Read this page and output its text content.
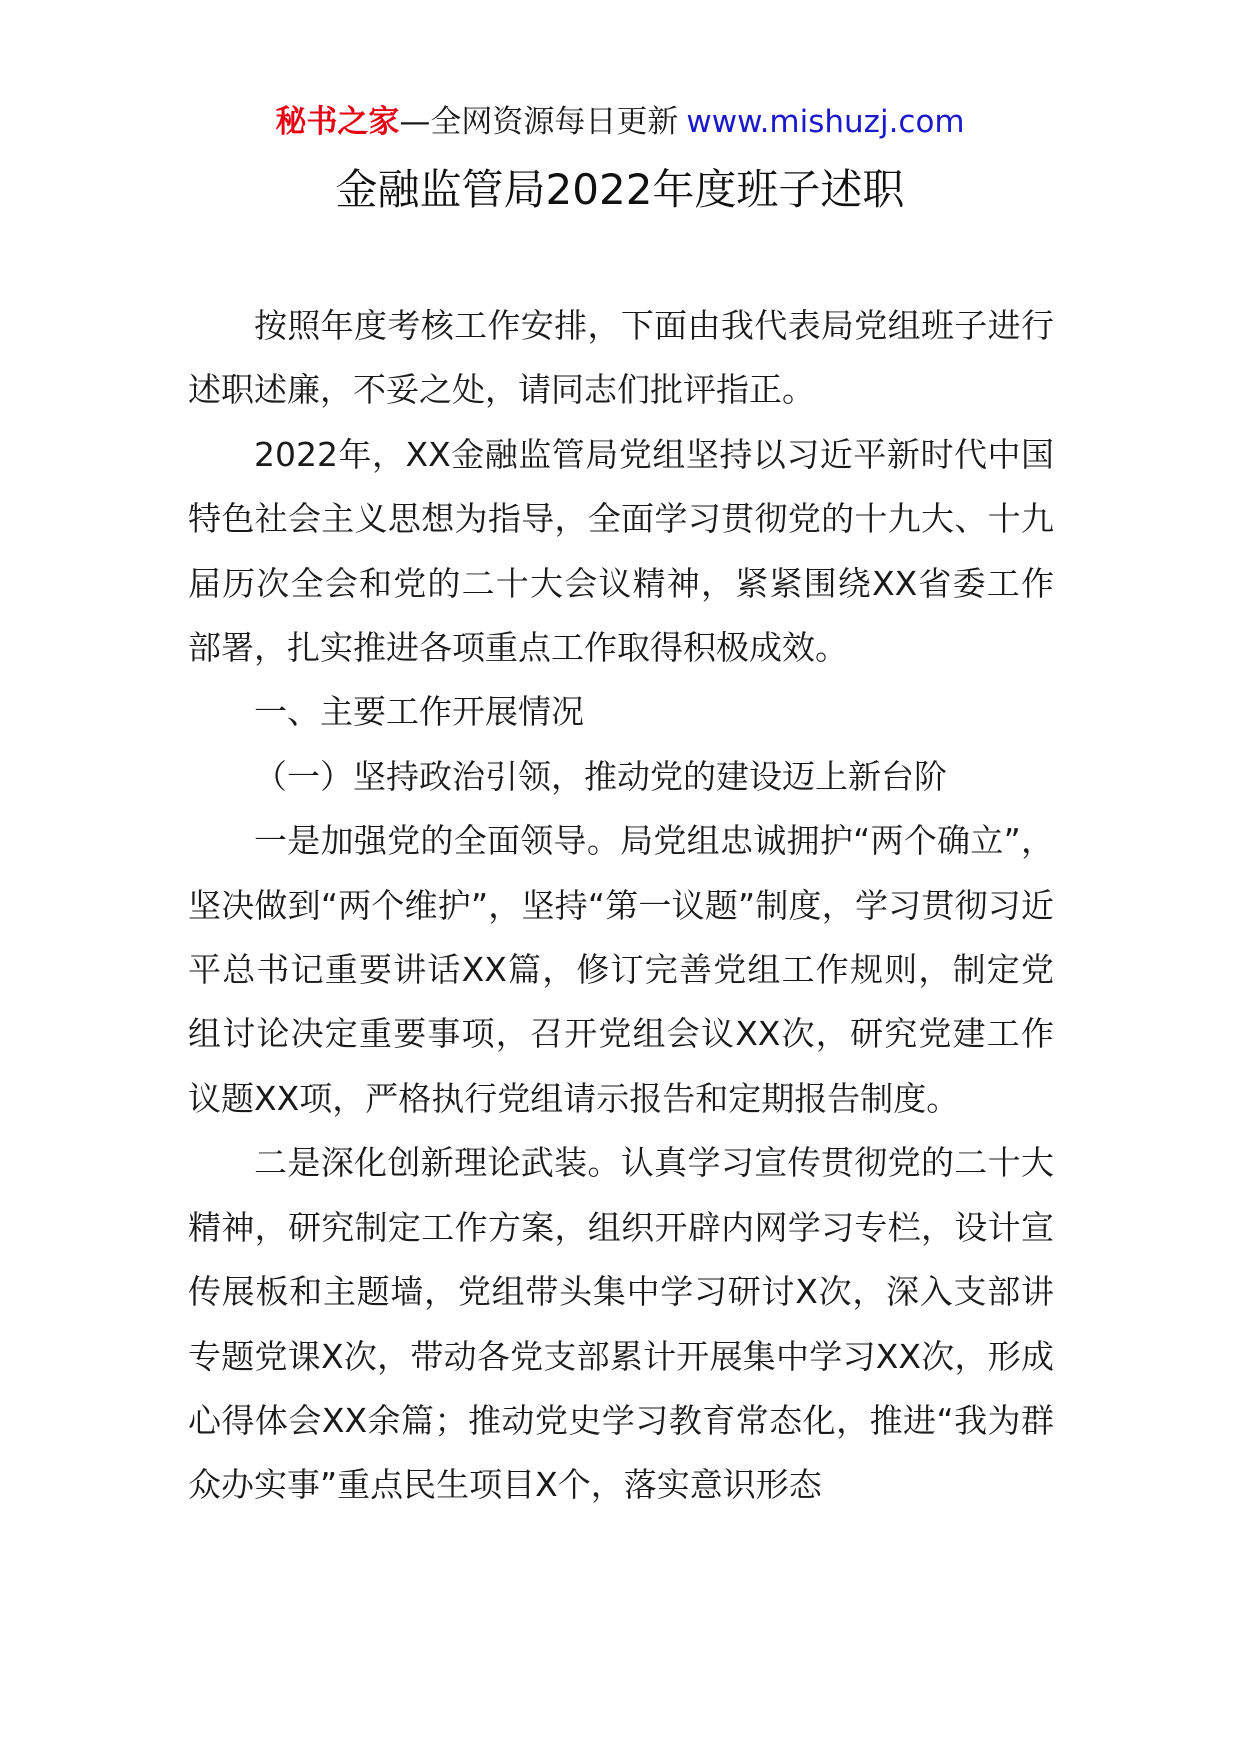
秘书之家—全网资源每日更新 www.mishuzj.com
金融监管局2022年度班子述职

按照年度考核工作安排，下面由我代表局党组班子进行述职述廉，不妥之处，请同志们批评指正。

2022年，XX金融监管局党组坚持以习近平新时代中国特色社会主义思想为指导，全面学习贯彻党的十九大、十九届历次全会和党的二十大会议精神，紧紧围绕XX省委工作部署，扎实推进各项重点工作取得积极成效。

一、主要工作开展情况

（一）坚持政治引领，推动党的建设迈上新台阶

一是加强党的全面领导。局党组忠诚拥护“两个确立”，坚决做到“两个维护”，坚持“第一议题”制度，学习贯彻习近平总书记重要讲话XX篇，修订完善党组工作规则，制定党组讨论决定重要事项，召开党组会议XX次，研究党建工作议题XX项，严格执行党组请示报告和定期报告制度。

二是深化创新理论武装。认真学习宣传贯彻党的二十大精神，研究制定工作方案，组织开辟内网学习专栏，设计宣传展板和主题墙，党组带头集中学习研讨X次，深入支部讲专题党课X次，带动各党支部累计开展集中学习XX次，形成心得体会XX余篇；推动党史学习教育常态化，推进“我为群众办实事”重点民生项目X个，落实意识形态
